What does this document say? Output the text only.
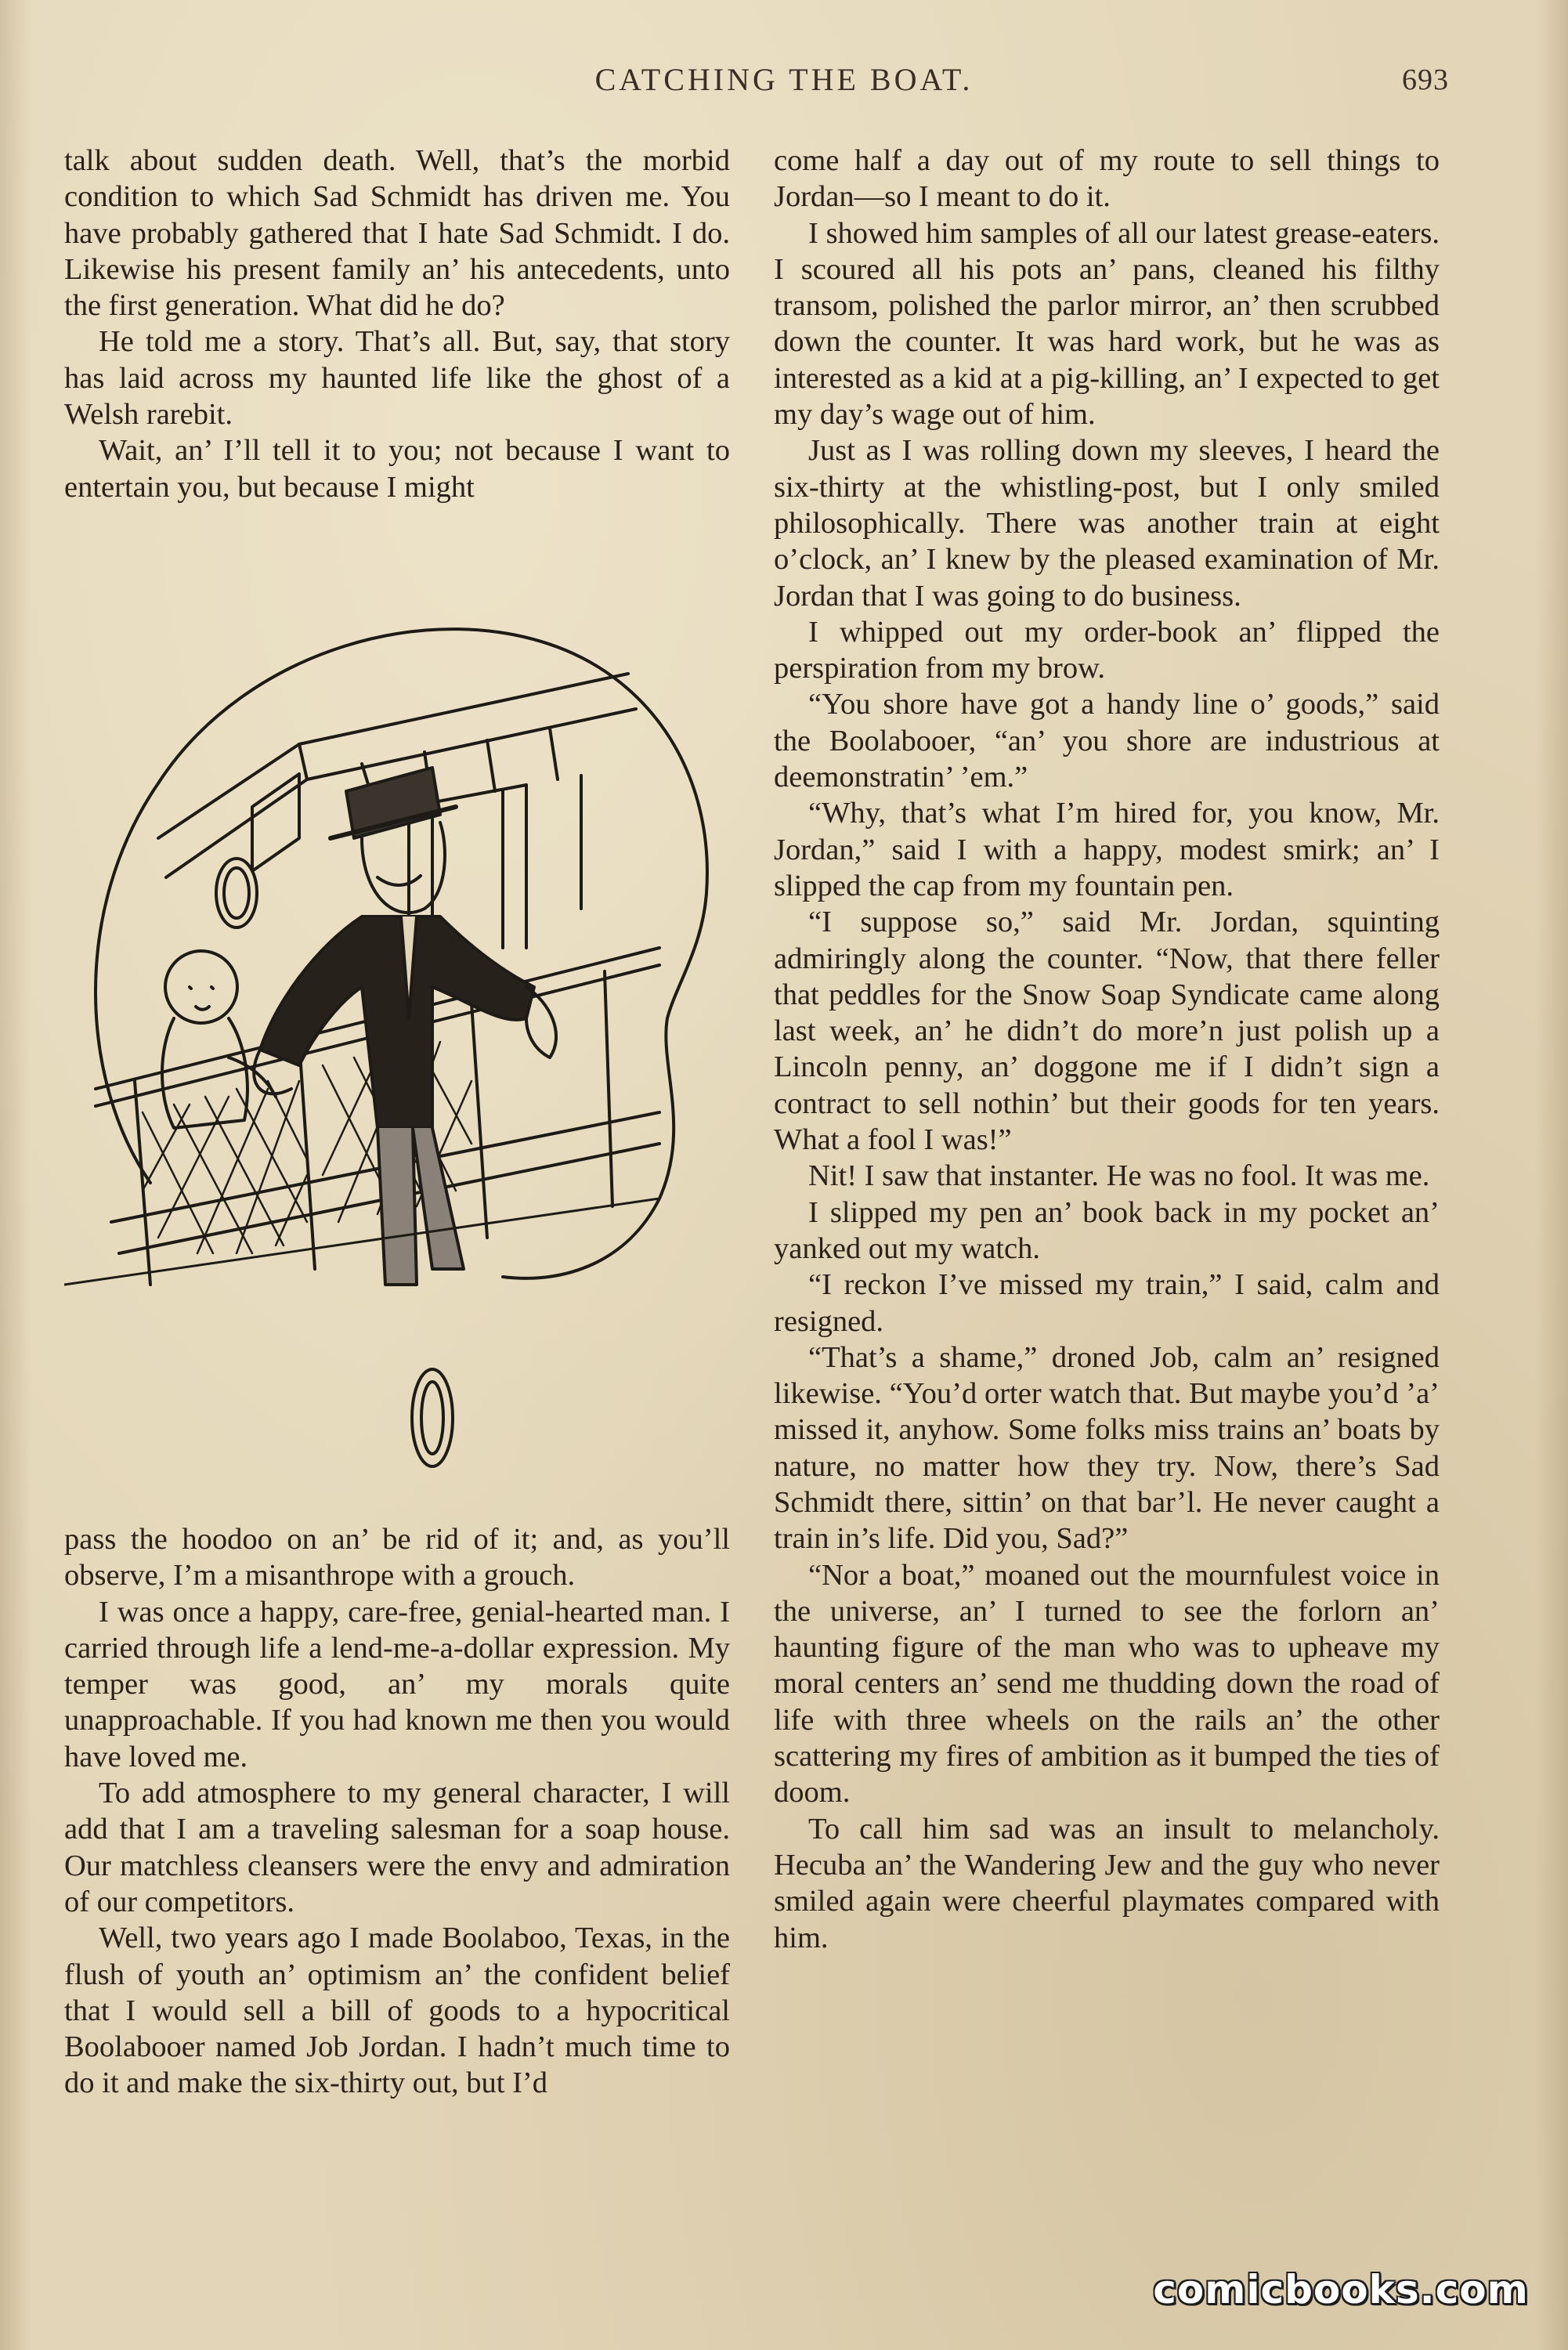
CATCHING THE BOAT.	693

talk about sudden death. Well, that’s the morbid condition to which Sad Schmidt has driven me. You have probably gathered that I hate Sad Schmidt. I do. Likewise his present family an’ his antecedents, unto the first generation. What did he do?

He told me a story. That’s all. But, say, that story has laid across my haunted life like the ghost of a Welsh rarebit.

Wait, an’ I’ll tell it to you; not because I want to entertain you, but because I might

pass the hoodoo on an’ be rid of it; and, as you’ll observe, I’m a misanthrope with a grouch.

I was once a happy, care-free, genial-hearted man. I carried through life a lend-me-a-dollar expression. My temper was good, an’ my morals quite unapproachable. If you had known me then you would have loved me.

To add atmosphere to my general character, I will add that I am a traveling salesman for a soap house. Our matchless cleansers were the envy and admiration of our competitors.

Well, two years ago I made Boolaboo, Texas, in the flush of youth an’ optimism an’ the confident belief that I would sell a bill of goods to a hypocritical Boolabooer named Job Jordan. I hadn’t much time to do it and make the six-thirty out, but I’d

come half a day out of my route to sell things to Jordan—so I meant to do it.

I showed him samples of all our latest grease-eaters. I scoured all his pots an’ pans, cleaned his filthy transom, polished the parlor mirror, an’ then scrubbed down the counter. It was hard work, but he was as interested as a kid at a pig-killing, an’ I expected to get my day’s wage out of him.

Just as I was rolling down my sleeves, I heard the six-thirty at the whistling-post, but I only smiled philosophically. There was another train at eight o’clock, an’ I knew by the pleased examination of Mr. Jordan that I was going to do business.

I whipped out my order-book an’ flipped the perspiration from my brow.

“You shore have got a handy line o’ goods,” said the Boolabooer, “an’ you shore are industrious at deemonstratin’ ’em.”

“Why, that’s what I’m hired for, you know, Mr. Jordan,” said I with a happy, modest smirk; an’ I slipped the cap from my fountain pen.

“I suppose so,” said Mr. Jordan, squinting admiringly along the counter. “Now, that there feller that peddles for the Snow Soap Syndicate came along last week, an’ he didn’t do more’n just polish up a Lincoln penny, an’ doggone me if I didn’t sign a contract to sell nothin’ but their goods for ten years. What a fool I was!”

Nit! I saw that instanter. He was no fool. It was me.

I slipped my pen an’ book back in my pocket an’ yanked out my watch.

“I reckon I’ve missed my train,” I said, calm and resigned.

“That’s a shame,” droned Job, calm an’ resigned likewise. “You’d orter watch that. But maybe you’d ’a’ missed it, anyhow. Some folks miss trains an’ boats by nature, no matter how they try. Now, there’s Sad Schmidt there, sittin’ on that bar’l. He never caught a train in’s life. Did you, Sad?”

“Nor a boat,” moaned out the mournfulest voice in the universe, an’ I turned to see the forlorn an’ haunting figure of the man who was to upheave my moral centers an’ send me thudding down the road of life with three wheels on the rails an’ the other scattering my fires of ambition as it bumped the ties of doom.

To call him sad was an insult to melancholy. Hecuba an’ the Wandering Jew and the guy who never smiled again were cheerful playmates compared with him.

comicbooks.com
